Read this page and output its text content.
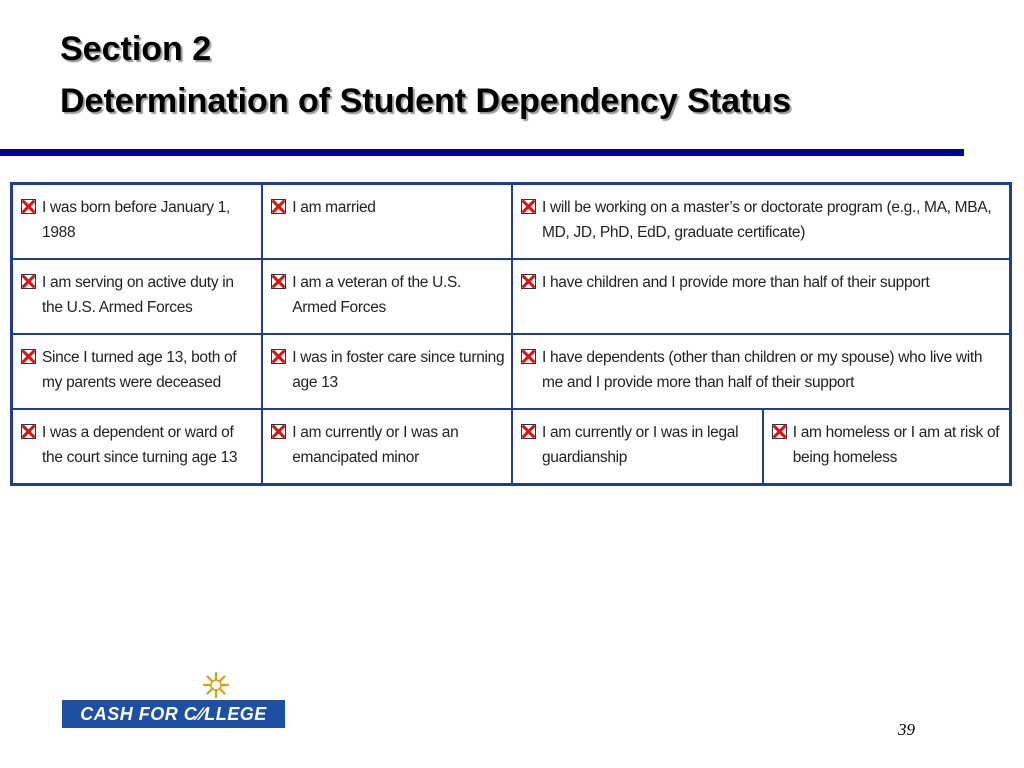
Section 2
Determination of Student Dependency Status
I was born before January 1, 1988	I am married	I will be working on a master’s or doctorate program (e.g., MA, MBA, MD, JD, PhD, EdD, graduate certificate)	

I am serving on active duty in the U.S. Armed Forces	I am a veteran of the U.S. Armed Forces	I have children and I provide more than half of their support	

Since I turned age 13, both of my parents were deceased	I was in foster care since turning age 13	I have dependents (other than children or my spouse) who live with me and I provide more than half of their support	

I was a dependent or ward of the court since turning age 13	I am currently or I was an emancipated minor	I am currently or I was in legal guardianship	I am homeless or I am at risk of being homeless
CASH FOR C∕∕LLEGE
39
